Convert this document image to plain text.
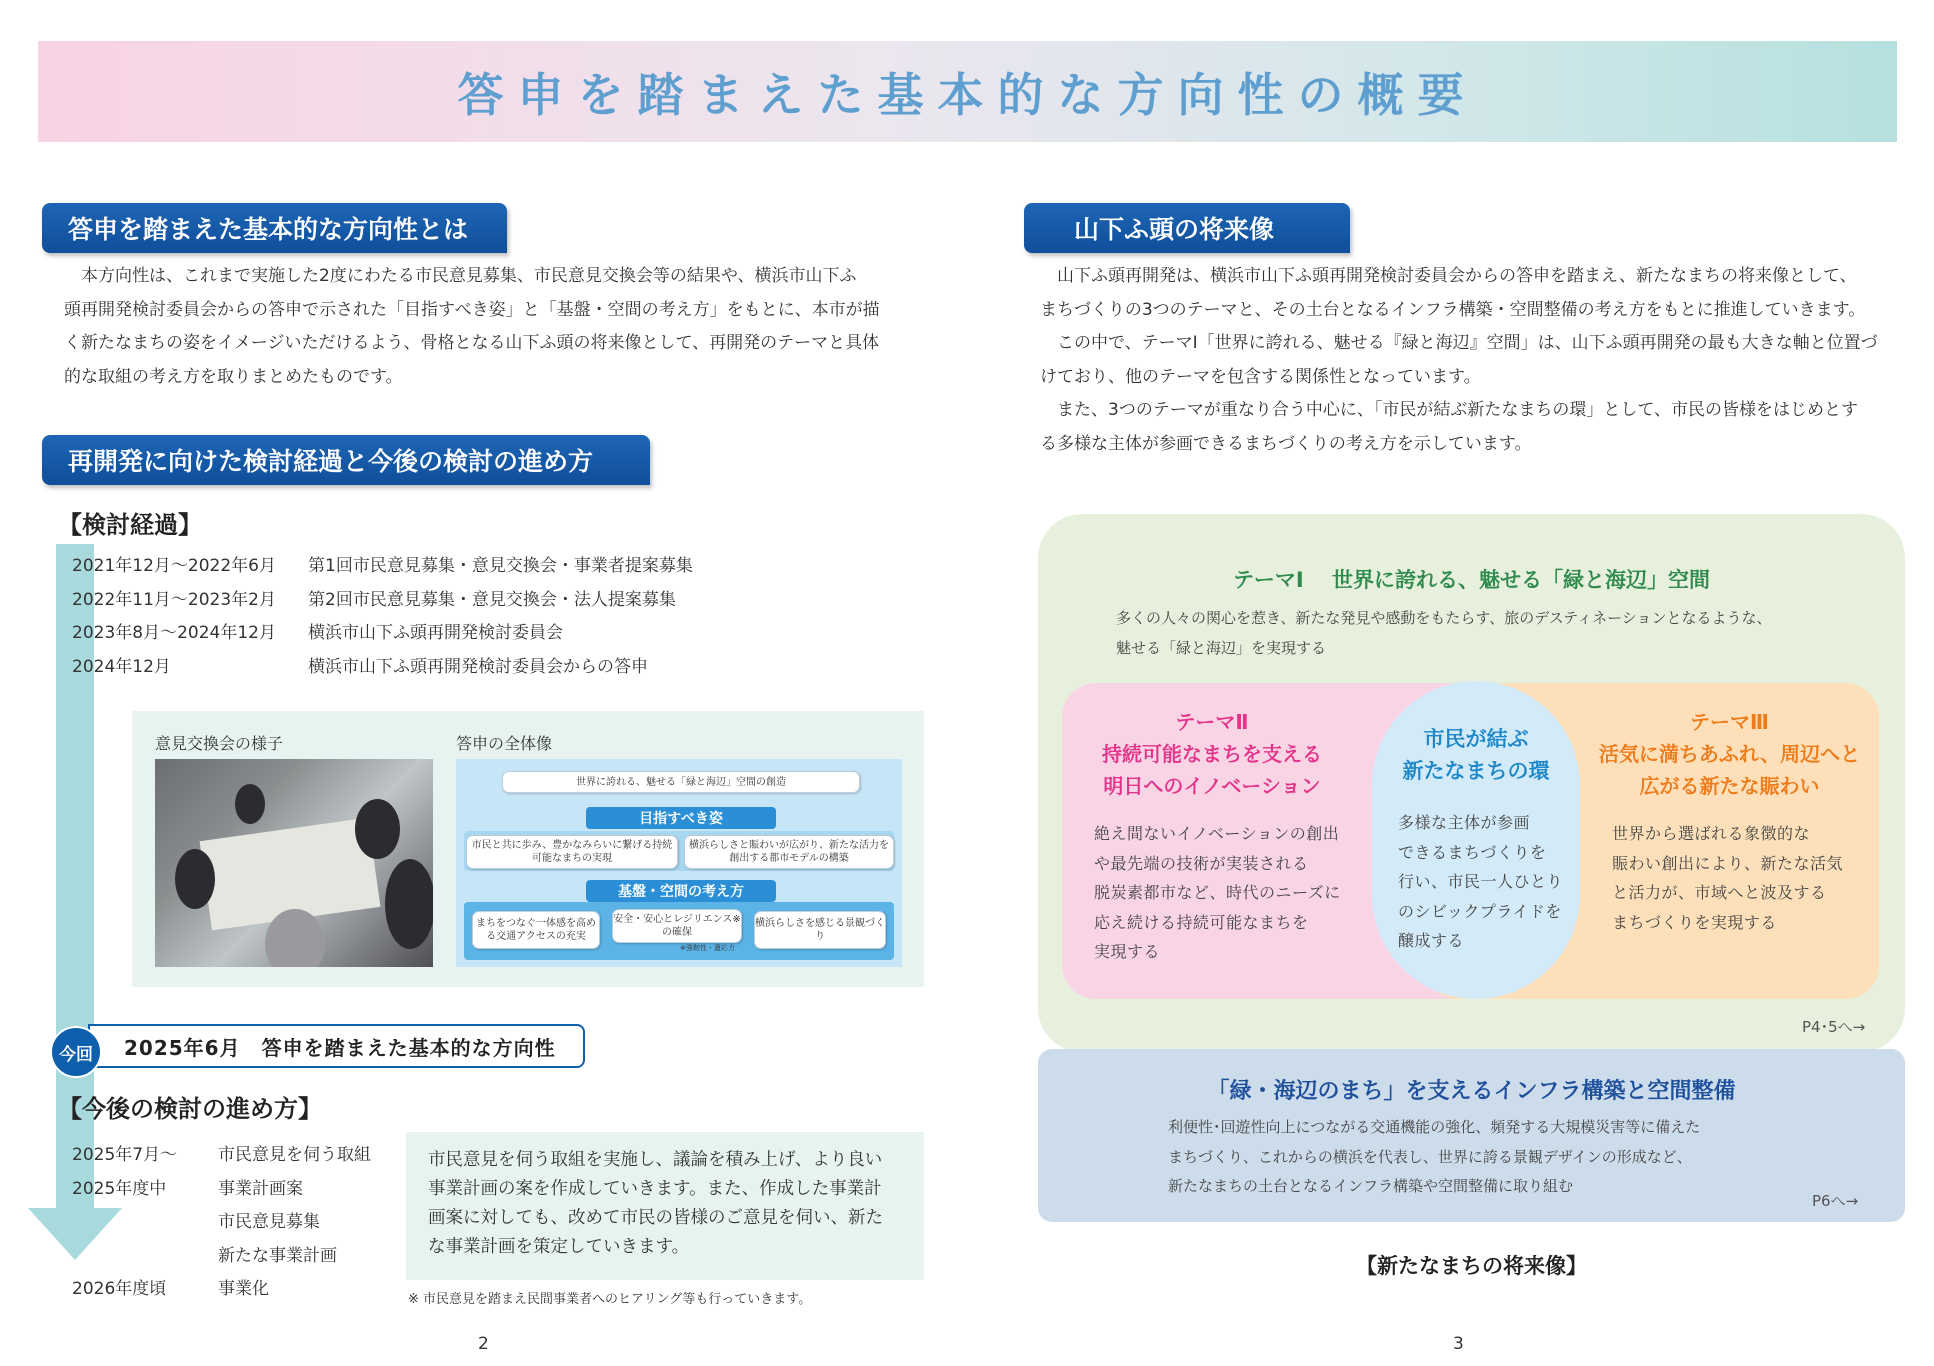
答申を踏まえた基本的な方向性の概要
答申を踏まえた基本的な方向性とは

本方向性は、これまで実施した2度にわたる市民意見募集、市民意見交換会等の結果や、横浜市山下ふ

頭再開発検討委員会からの答申で示された「目指すべき姿」と「基盤・空間の考え方」をもとに、本市が描
く新たなまちの姿をイメージいただけるよう、骨格となる山下ふ頭の将来像として、再開発のテーマと具体
的な取組の考え方を取りまとめたものです。
再開発に向けた検討経過と今後の検討の進め方
【検討経過】
2021年12月～2022年6月	第1回市民意見募集・意見交換会・事業者提案募集
2022年11月～2023年2月	第2回市民意見募集・意見交換会・法人提案募集
2023年8月～2024年12月	横浜市山下ふ頭再開発検討委員会
2024年12月	横浜市山下ふ頭再開発検討委員会からの答申
意見交換会の様子	答申の全体像
世界に誇れる、魅せる「緑と海辺」空間の創造
目指すべき姿
市民と共に歩み、豊かなみらいに繋げる持続可能なまちの実現
横浜らしさと賑わいが広がり、新たな活力を創出する都市モデルの構築
基盤・空間の考え方
まちをつなぐ一体感を高める交通アクセスの充実
安全・安心とレジリエンス※の確保
※強靭性・適応力
横浜らしさを感じる景観づくり
2025年6月　答申を踏まえた基本的な方向性
今回
【今後の検討の進め方】
2025年7月～	市民意見を伺う取組
2025年度中	事業計画案
市民意見募集
新たな事業計画
2026年度頃	事業化
市民意見を伺う取組を実施し、議論を積み上げ、より良い
事業計画の案を作成していきます。また、作成した事業計
画案に対しても、改めて市民の皆様のご意見を伺い、新た
な事業計画を策定していきます。
※ 市民意見を踏まえ民間事業者へのヒアリング等も行っていきます。
2
山下ふ頭の将来像

山下ふ頭再開発は、横浜市山下ふ頭再開発検討委員会からの答申を踏まえ、新たなまちの将来像として、

まちづくりの3つのテーマと、その土台となるインフラ構築・空間整備の考え方をもとに推進していきます。

この中で、テーマⅠ「世界に誇れる、魅せる『緑と海辺』空間」は、山下ふ頭再開発の最も大きな軸と位置づ

けており、他のテーマを包含する関係性となっています。

また、3つのテーマが重なり合う中心に、「市民が結ぶ新たなまちの環」として、市民の皆様をはじめとす

る多様な主体が参画できるまちづくりの考え方を示しています。
テーマⅠ　 世界に誇れる、魅せる「緑と海辺」空間
多くの人々の関心を惹き、新たな発見や感動をもたらす、旅のデスティネーションとなるような、
魅せる「緑と海辺」を実現する
テーマⅡ
持続可能なまちを支える
明日へのイノベーション
絶え間ないイノベーションの創出
や最先端の技術が実装される
脱炭素都市など、時代のニーズに
応え続ける持続可能なまちを
実現する
市民が結ぶ
新たなまちの環
多様な主体が参画
できるまちづくりを
行い、市民一人ひとり
のシビックプライドを
醸成する
テーマⅢ
活気に満ちあふれ、周辺へと
広がる新たな賑わい
世界から選ばれる象徴的な
賑わい創出により、新たな活気
と活力が、市域へと波及する
まちづくりを実現する
P4･5へ→
「緑・海辺のまち」を支えるインフラ構築と空間整備
利便性･回遊性向上につながる交通機能の強化、頻発する大規模災害等に備えた
まちづくり、これからの横浜を代表し、世界に誇る景観デザインの形成など、
新たなまちの土台となるインフラ構築や空間整備に取り組む
P6へ→
【新たなまちの将来像】
3
